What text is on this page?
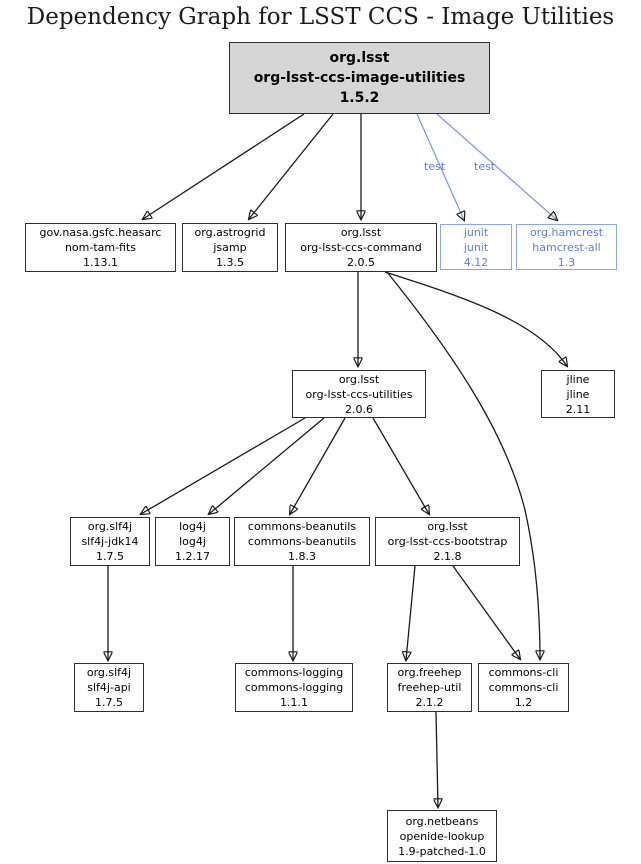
Dependency Graph for LSST CCS - Image Utilities
test	test
org.lsst
org-lsst-ccs-image-utilities
1.5.2
gov.nasa.gsfc.heasarc
nom-tam-fits
1.13.1
org.astrogrid
jsamp
1.3.5
org.lsst
org-lsst-ccs-command
2.0.5
junit
junit
4.12
org.hamcrest
hamcrest-all
1.3
org.lsst
org-lsst-ccs-utilities
2.0.6
jline
jline
2.11
org.slf4j
slf4j-jdk14
1.7.5
log4j
log4j
1.2.17
commons-beanutils
commons-beanutils
1.8.3
org.lsst
org-lsst-ccs-bootstrap
2.1.8
org.slf4j
slf4j-api
1.7.5
commons-logging
commons-logging
1.1.1
org.freehep
freehep-util
2.1.2
commons-cli
commons-cli
1.2
org.netbeans
openide-lookup
1.9-patched-1.0
